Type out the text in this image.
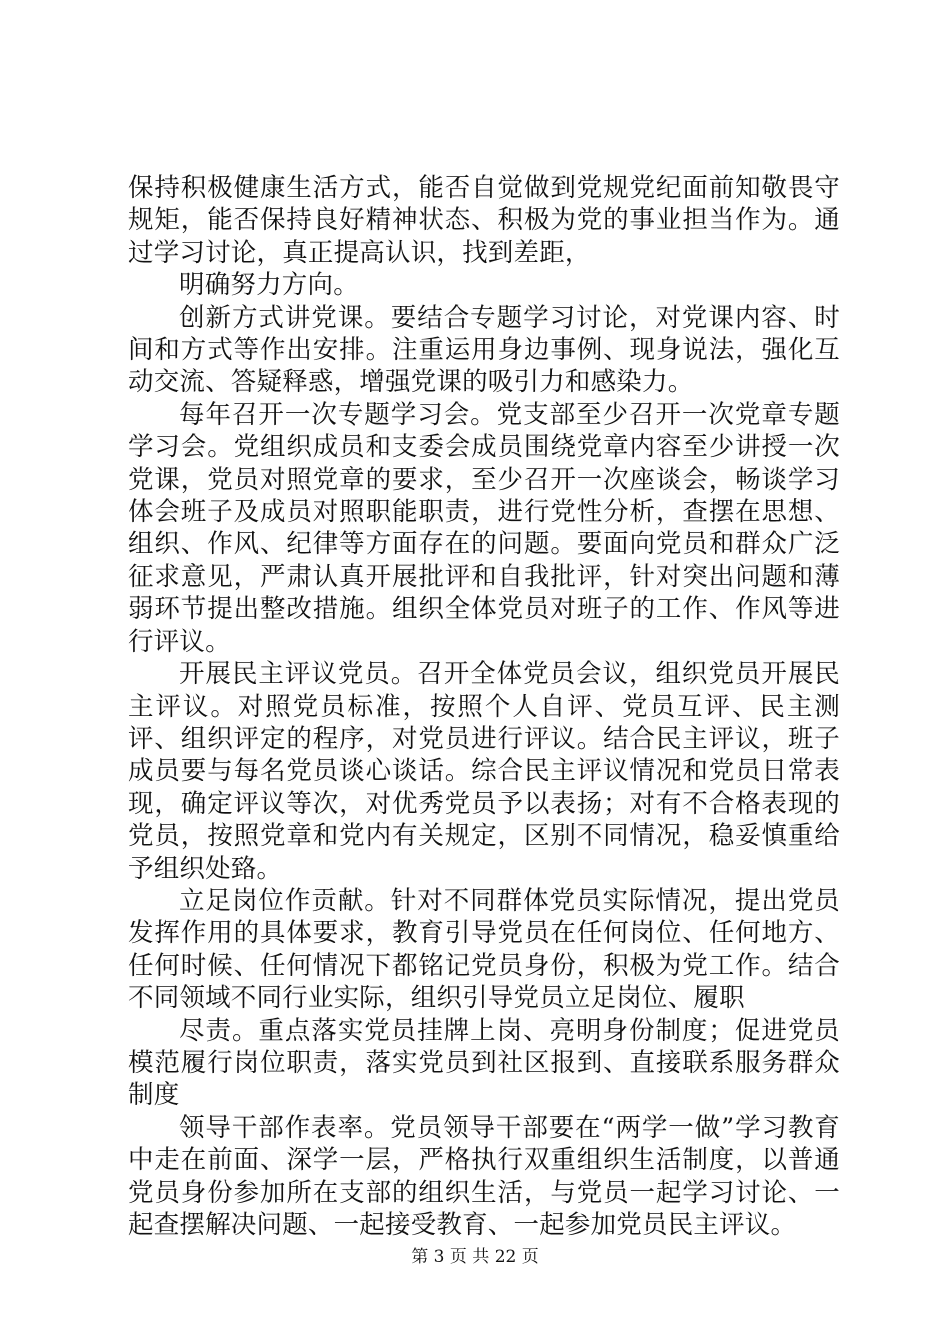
保持积极健康生活方式，能否自觉做到党规党纪面前知敬畏守规矩，能否保持良好精神状态、积极为党的事业担当作为。通过学习讨论，真正提高认识，找到差距，

明确努力方向。

创新方式讲党课。要结合专题学习讨论，对党课内容、时间和方式等作出安排。注重运用身边事例、现身说法，强化互动交流、答疑释惑，增强党课的吸引力和感染力。

每年召开一次专题学习会。党支部至少召开一次党章专题学习会。党组织成员和支委会成员围绕党章内容至少讲授一次党课，党员对照党章的要求，至少召开一次座谈会，畅谈学习体会班子及成员对照职能职责，进行党性分析，查摆在思想、组织、作风、纪律等方面存在的问题。要面向党员和群众广泛征求意见，严肃认真开展批评和自我批评，针对突出问题和薄弱环节提出整改措施。组织全体党员对班子的工作、作风等进行评议。

开展民主评议党员。召开全体党员会议，组织党员开展民主评议。对照党员标准，按照个人自评、党员互评、民主测评、组织评定的程序，对党员进行评议。结合民主评议，班子成员要与每名党员谈心谈话。综合民主评议情况和党员日常表现，确定评议等次，对优秀党员予以表扬；对有不合格表现的党员，按照党章和党内有关规定，区别不同情况，稳妥慎重给予组织处臵。

立足岗位作贡献。针对不同群体党员实际情况，提出党员发挥作用的具体要求，教育引导党员在任何岗位、任何地方、任何时候、任何情况下都铭记党员身份，积极为党工作。结合不同领域不同行业实际，组织引导党员立足岗位、履职

尽责。重点落实党员挂牌上岗、亮明身份制度；促进党员模范履行岗位职责，落实党员到社区报到、直接联系服务群众制度

领导干部作表率。党员领导干部要在“两学一做”学习教育中走在前面、深学一层，严格执行双重组织生活制度，以普通党员身份参加所在支部的组织生活，与党员一起学习讨论、一起查摆解决问题、一起接受教育、一起参加党员民主评议。

第 3 页 共 22 页
